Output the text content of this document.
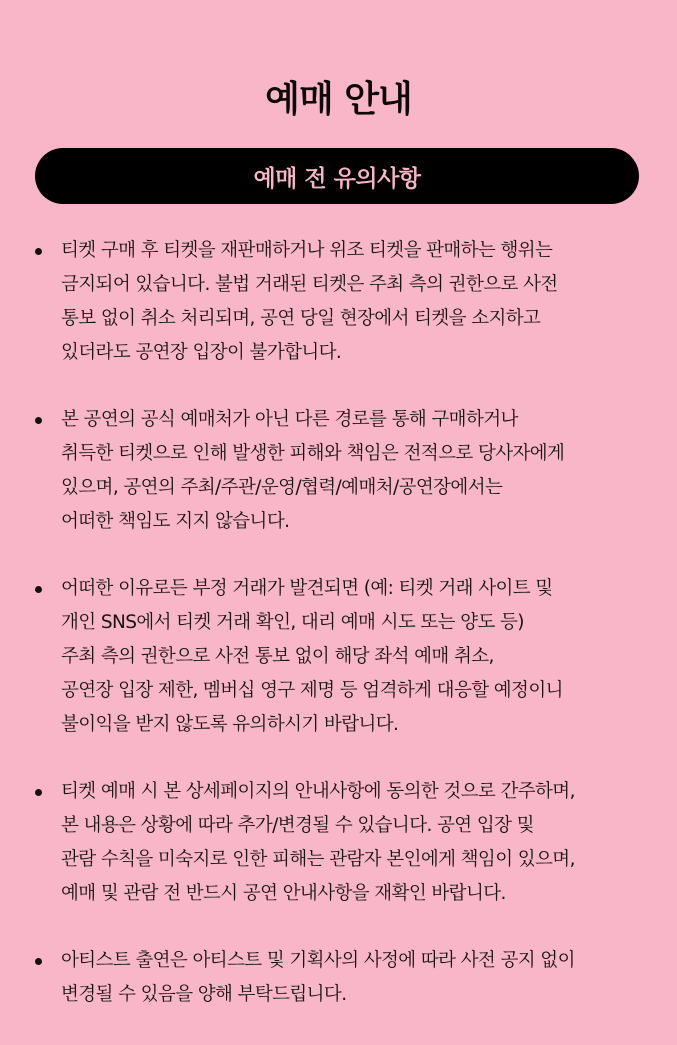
예매 안내
예매 전 유의사항
티켓 구매 후 티켓을 재판매하거나 위조 티켓을 판매하는 행위는
금지되어 있습니다. 불법 거래된 티켓은 주최 측의 권한으로 사전
통보 없이 취소 처리되며, 공연 당일 현장에서 티켓을 소지하고
있더라도 공연장 입장이 불가합니다.
본 공연의 공식 예매처가 아닌 다른 경로를 통해 구매하거나
취득한 티켓으로 인해 발생한 피해와 책임은 전적으로 당사자에게
있으며, 공연의 주최/주관/운영/협력/예매처/공연장에서는
어떠한 책임도 지지 않습니다.
어떠한 이유로든 부정 거래가 발견되면 (예: 티켓 거래 사이트 및
개인 SNS에서 티켓 거래 확인, 대리 예매 시도 또는 양도 등)
주최 측의 권한으로 사전 통보 없이 해당 좌석 예매 취소,
공연장 입장 제한, 멤버십 영구 제명 등 엄격하게 대응할 예정이니
불이익을 받지 않도록 유의하시기 바랍니다.
티켓 예매 시 본 상세페이지의 안내사항에 동의한 것으로 간주하며,
본 내용은 상황에 따라 추가/변경될 수 있습니다. 공연 입장 및
관람 수칙을 미숙지로 인한 피해는 관람자 본인에게 책임이 있으며,
예매 및 관람 전 반드시 공연 안내사항을 재확인 바랍니다.
아티스트 출연은 아티스트 및 기획사의 사정에 따라 사전 공지 없이
변경될 수 있음을 양해 부탁드립니다.
